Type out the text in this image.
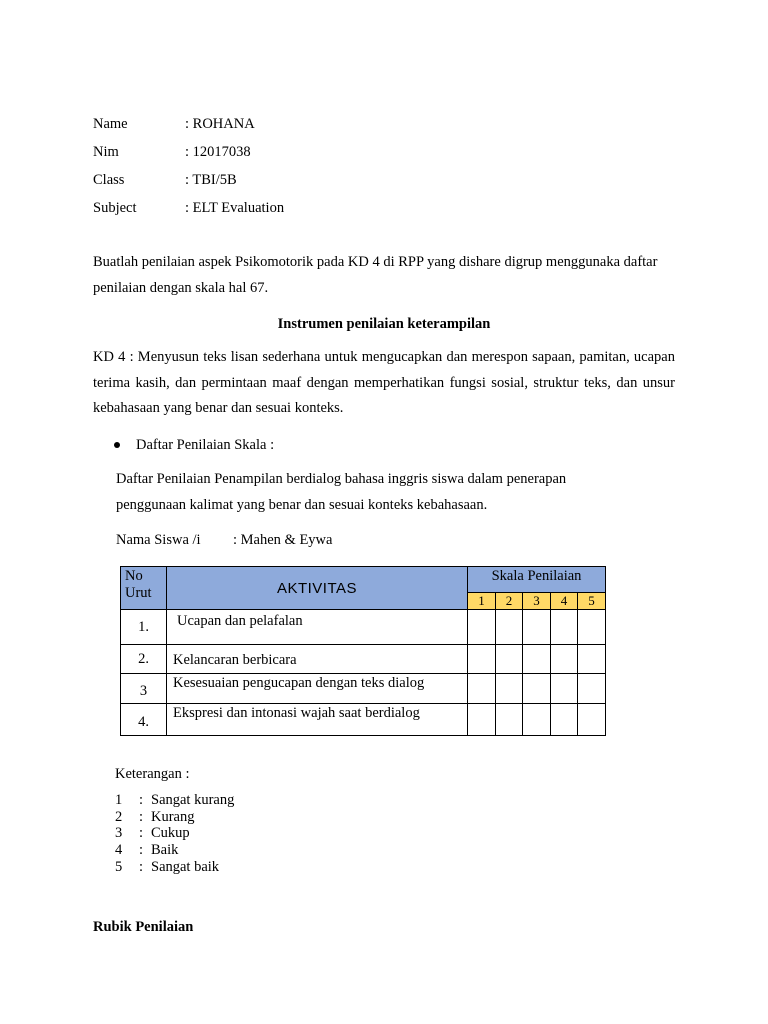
Name	: ROHANA
Nim	: 12017038
Class	: TBI/5B
Subject	: ELT Evaluation
Buatlah penilaian aspek Psikomotorik pada KD 4 di RPP yang dishare digrup menggunaka daftar penilaian dengan skala hal 67.
Instrumen penilaian keterampilan
KD 4 : Menyusun teks lisan sederhana untuk mengucapkan dan merespon sapaan, pamitan, ucapan terima kasih, dan permintaan maaf dengan memperhatikan fungsi sosial, struktur teks, dan unsur kebahasaan yang benar dan sesuai konteks.
Daftar Penilaian Skala :
Daftar Penilaian Penampilan berdialog bahasa inggris siswa dalam penerapan penggunaan kalimat yang benar dan sesuai konteks kebahasaan.
Nama Siswa /i : Mahen & Eywa
No Urut	AKTIVITAS	Skala Penilaian				
		1	2	3	4	5
1.	Ucapan dan pelafalan					
2.	Kelancaran berbicara					
3	Kesesuaian pengucapan dengan teks dialog					
4.	Ekspresi dan intonasi wajah saat berdialog					
Keterangan :
1 : Sangat kurang
2 : Kurang
3 : Cukup
4 : Baik
5 : Sangat baik
Rubik Penilaian
